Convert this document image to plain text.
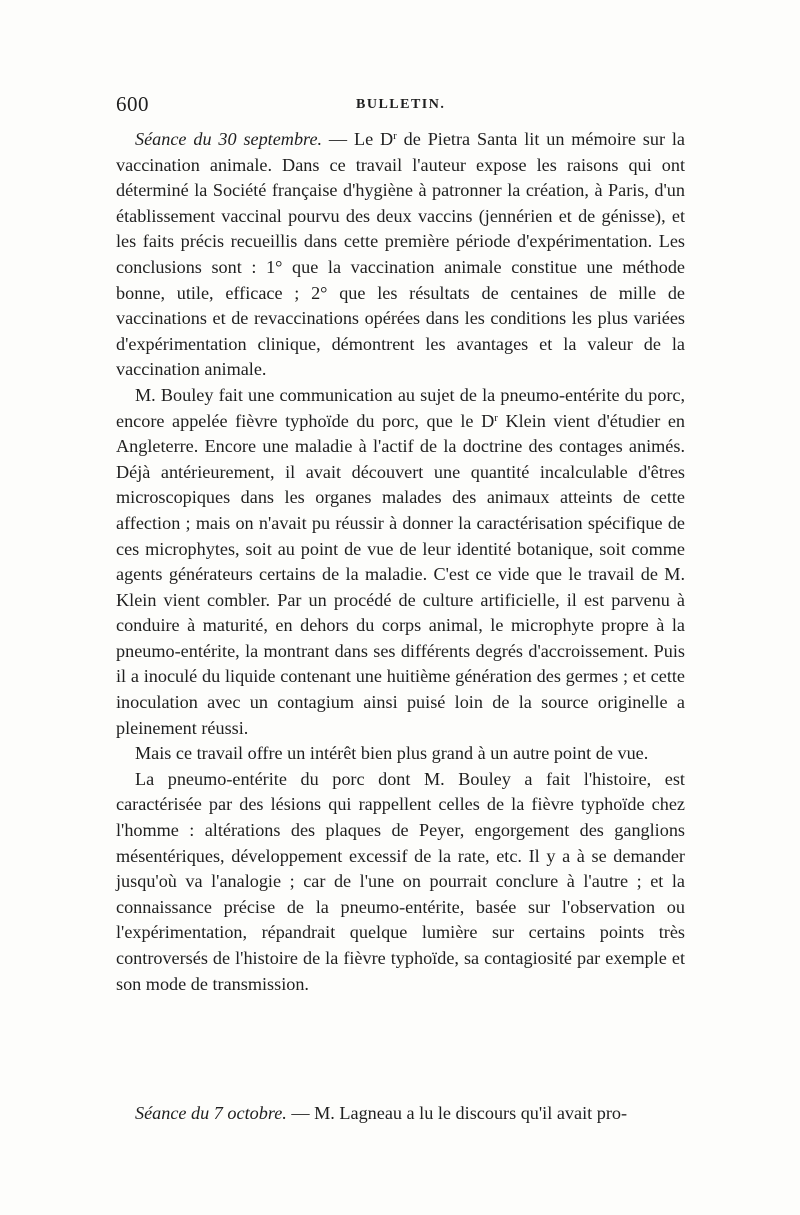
600	BULLETIN.

Séance du 30 septembre. — Le $D^r$ de Pietra Santa lit un mémoire sur la vaccination animale. Dans ce travail l'auteur expose les raisons qui ont déterminé la Société française d'hygiène à patronner la création, à Paris, d'un établissement vaccinal pourvu des deux vaccins (jennérien et de génisse), et les faits précis recueillis dans cette première période d'expérimentation. Les conclusions sont : 1° que la vaccination animale constitue une méthode bonne, utile, efficace ; 2° que les résultats de centaines de mille de vaccinations et de revaccinations opérées dans les conditions les plus variées d'expérimentation clinique, démontrent les avantages et la valeur de la vaccination animale.

M. Bouley fait une communication au sujet de la pneumo-entérite du porc, encore appelée fièvre typhoïde du porc, que le $D^r$ Klein vient d'étudier en Angleterre. Encore une maladie à l'actif de la doctrine des contages animés. Déjà antérieurement, il avait découvert une quantité incalculable d'êtres microscopiques dans les organes malades des animaux atteints de cette affection ; mais on n'avait pu réussir à donner la caractérisation spécifique de ces microphytes, soit au point de vue de leur identité botanique, soit comme agents générateurs certains de la maladie. C'est ce vide que le travail de M. Klein vient combler. Par un procédé de culture artificielle, il est parvenu à conduire à maturité, en dehors du corps animal, le microphyte propre à la pneumo-entérite, la montrant dans ses différents degrés d'accroissement. Puis il a inoculé du liquide contenant une huitième génération des germes ; et cette inoculation avec un contagium ainsi puisé loin de la source originelle a pleinement réussi.

Mais ce travail offre un intérêt bien plus grand à un autre point de vue.

La pneumo-entérite du porc dont M. Bouley a fait l'histoire, est caractérisée par des lésions qui rappellent celles de la fièvre typhoïde chez l'homme : altérations des plaques de Peyer, engorgement des ganglions mésentériques, développement excessif de la rate, etc. Il y a à se demander jusqu'où va l'analogie ; car de l'une on pourrait conclure à l'autre ; et la connaissance précise de la pneumo-entérite, basée sur l'observation ou l'expérimentation, répandrait quelque lumière sur certains points très controversés de l'histoire de la fièvre typhoïde, sa contagiosité par exemple et son mode de transmission.

Séance du 7 octobre. — M. Lagneau a lu le discours qu'il avait pro-
